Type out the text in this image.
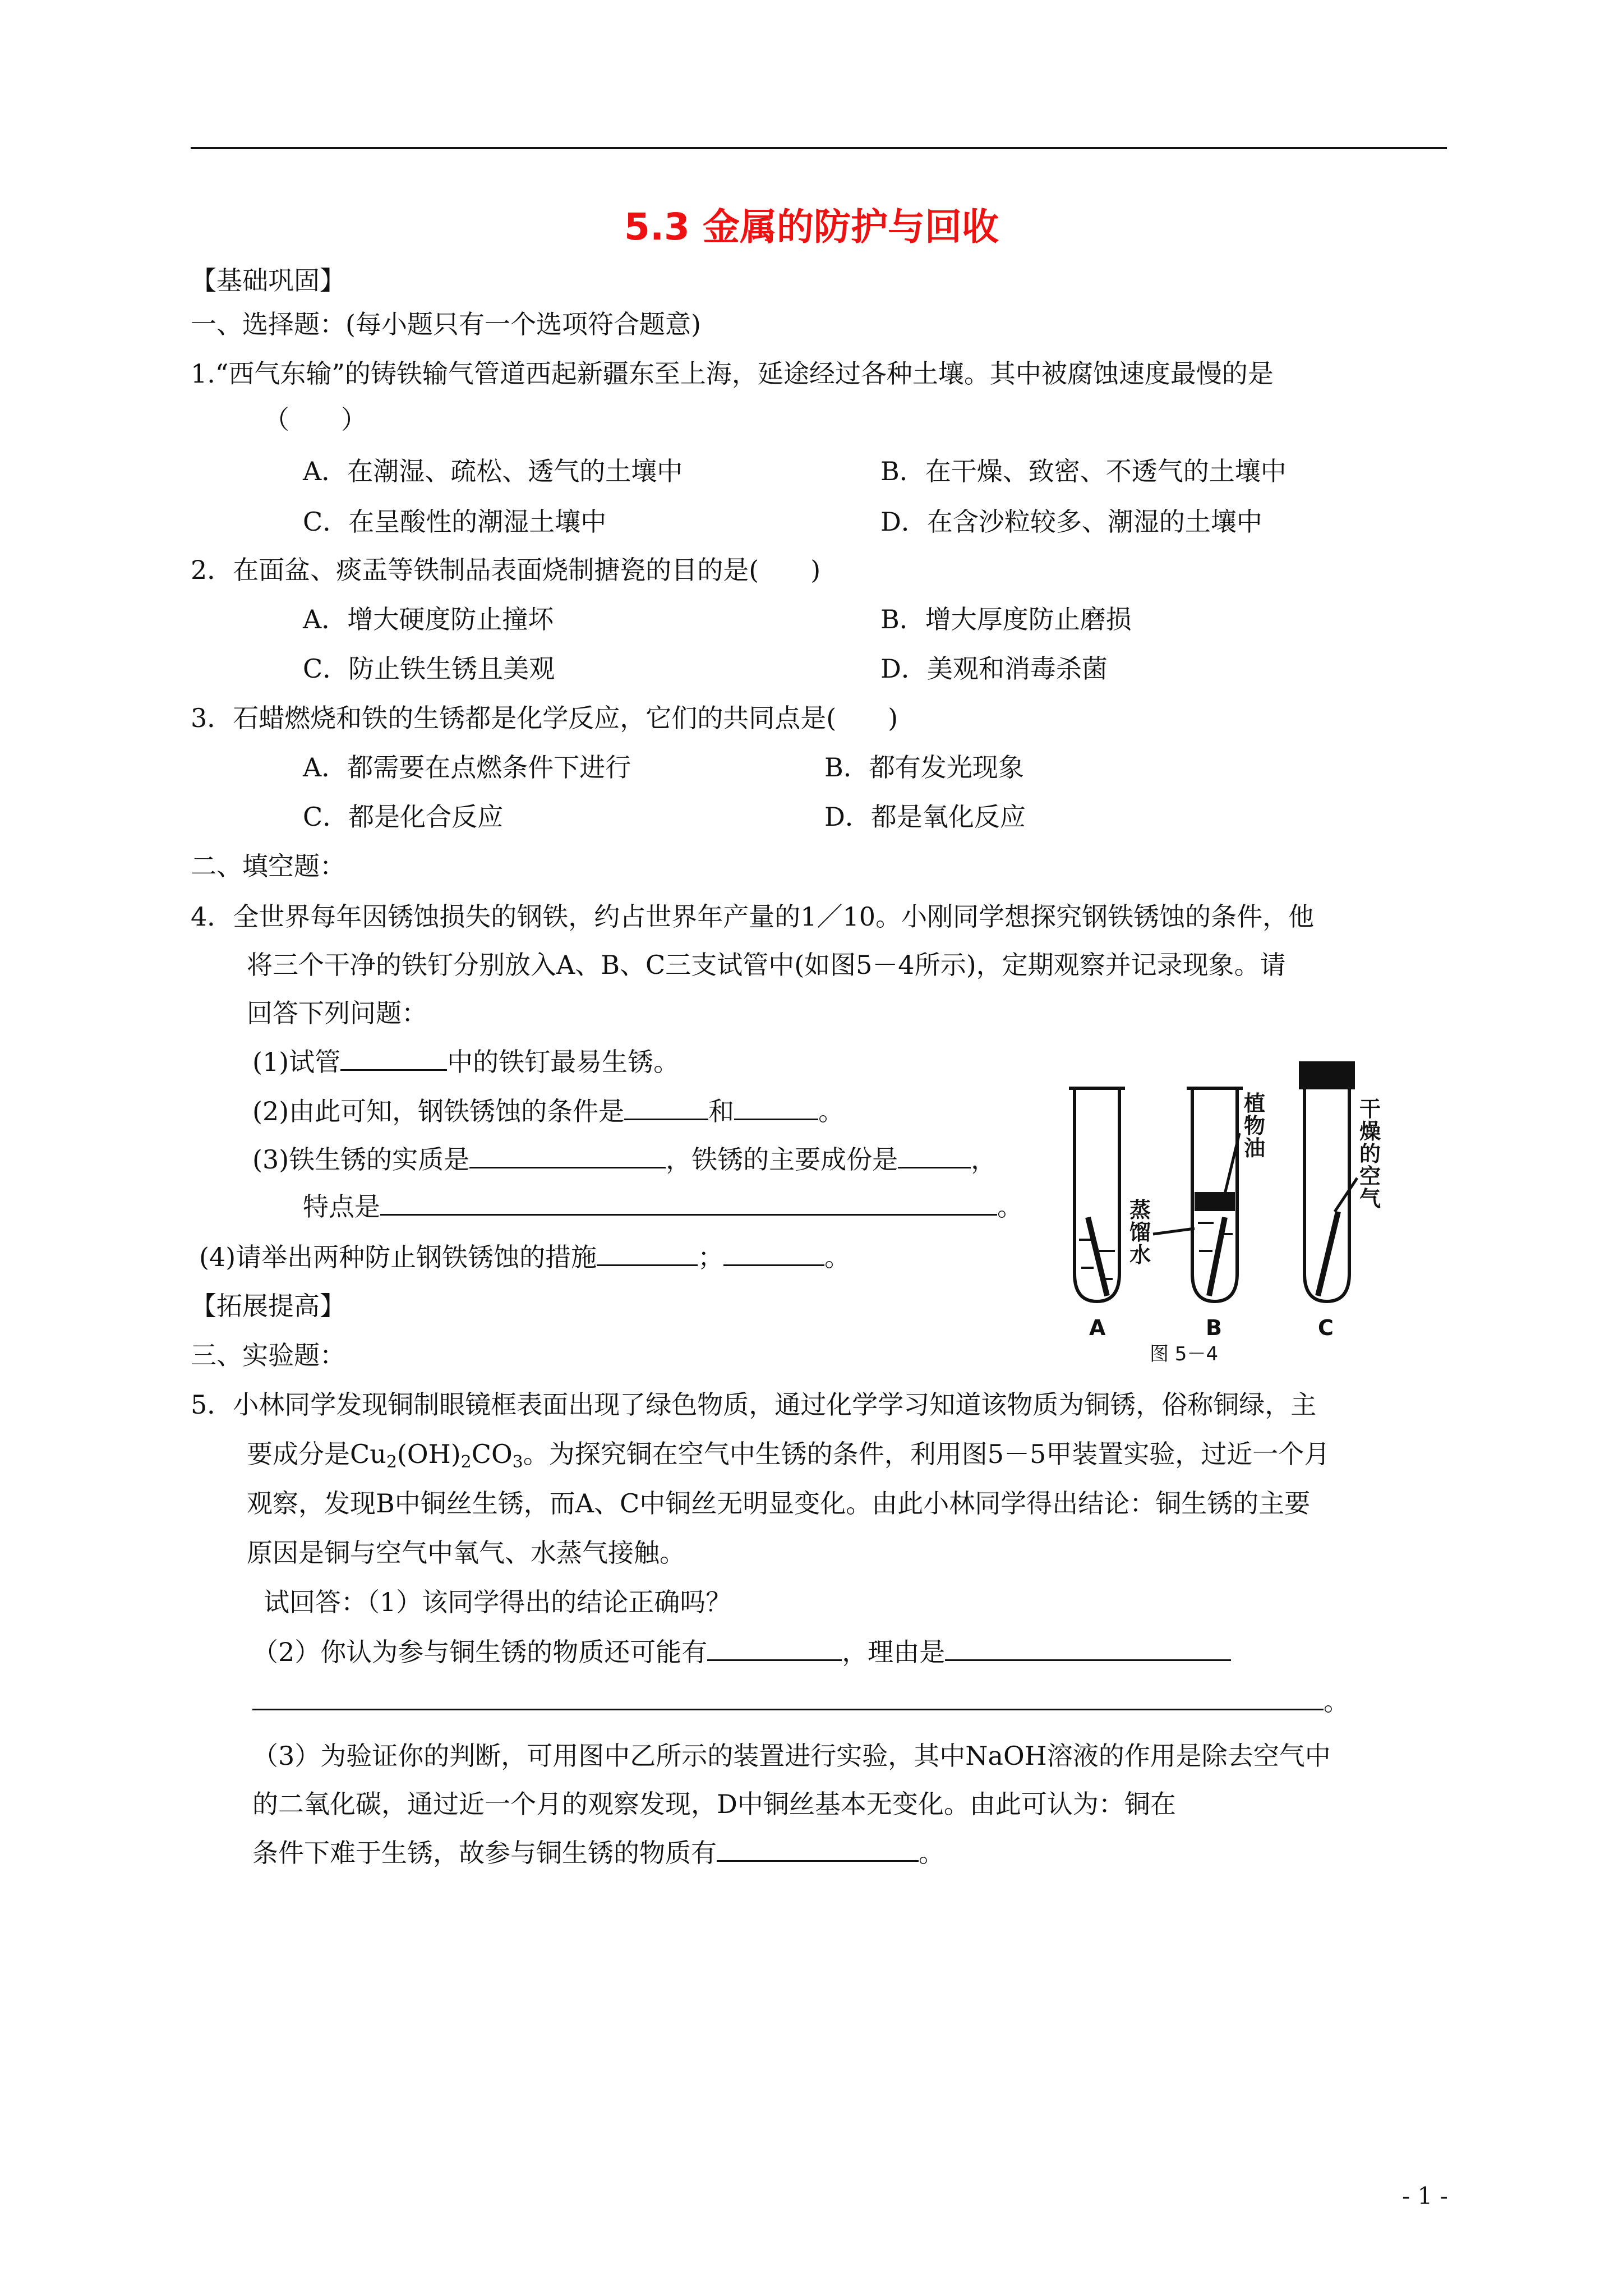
5.3 金属的防护与回收
【基础巩固】
一、选择题：(每小题只有一个选项符合题意)
1.“西气东输”的铸铁输气管道西起新疆东至上海，延途经过各种土壤。其中被腐蚀速度最慢的是
（　　）
A．在潮湿、疏松、透气的土壤中	B．在干燥、致密、不透气的土壤中
C．在呈酸性的潮湿土壤中	D．在含沙粒较多、潮湿的土壤中
2．在面盆、痰盂等铁制品表面烧制搪瓷的目的是(　　)
A．增大硬度防止撞坏	B．增大厚度防止磨损
C．防止铁生锈且美观	D．美观和消毒杀菌
3．石蜡燃烧和铁的生锈都是化学反应，它们的共同点是(　　)
A．都需要在点燃条件下进行	B．都有发光现象
C．都是化合反应	D．都是氧化反应
二、填空题：
4．全世界每年因锈蚀损失的钢铁，约占世界年产量的1／10。小刚同学想探究钢铁锈蚀的条件，他
将三个干净的铁钉分别放入A、B、C三支试管中(如图5－4所示)，定期观察并记录现象。请
回答下列问题：
(1)试管	中的铁钉最易生锈。
(2)由此可知，钢铁锈蚀的条件是	和	。
(3)铁生锈的实质是	，铁锈的主要成份是	，
特点是	。
(4)请举出两种防止钢铁锈蚀的措施	；	。
植
物
油
蒸
馏
水
干
燥
的
空
气
A	B	C
图 5－4
【拓展提高】
三、实验题：
5．小林同学发现铜制眼镜框表面出现了绿色物质，通过化学学习知道该物质为铜锈，俗称铜绿，主
要成分是$Cu_2(OH)_2CO_3$。为探究铜在空气中生锈的条件，利用图5－5甲装置实验，过近一个月
观察，发现B中铜丝生锈，而A、C中铜丝无明显变化。由此小林同学得出结论：铜生锈的主要
原因是铜与空气中氧气、水蒸气接触。
试回答：（1）该同学得出的结论正确吗？
（2）你认为参与铜生锈的物质还可能有	，理由是
。
（3）为验证你的判断，可用图中乙所示的装置进行实验，其中NaOH溶液的作用是除去空气中
的二氧化碳，通过近一个月的观察发现，D中铜丝基本无变化。由此可认为：铜在
条件下难于生锈，故参与铜生锈的物质有	。
- 1 -
